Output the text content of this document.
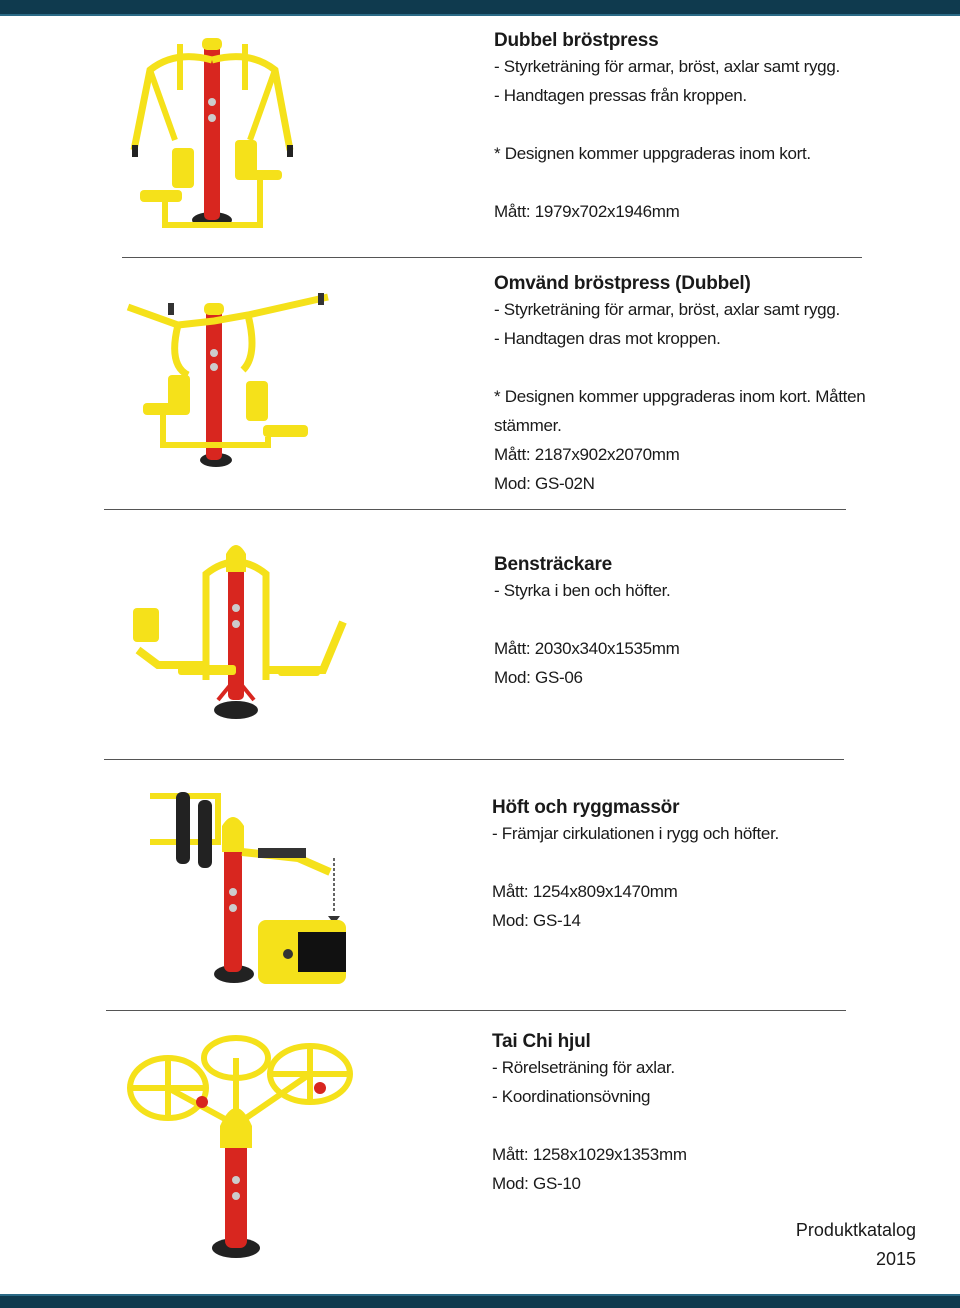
Dubbel bröstpress

- Styrketräning för armar, bröst, axlar samt rygg.

- Handtagen pressas från kroppen.

* Designen kommer uppgraderas inom kort.

Mått: 1979x702x1946mm

Omvänd bröstpress (Dubbel)

- Styrketräning för armar, bröst, axlar samt rygg.

- Handtagen dras mot kroppen.

* Designen kommer uppgraderas inom kort. Måtten stämmer.

Mått: 2187x902x2070mm

Mod: GS-02N

Bensträckare

- Styrka i ben och höfter.

Mått: 2030x340x1535mm

Mod: GS-06

Höft och ryggmassör

- Främjar cirkulationen i rygg och höfter.

Mått: 1254x809x1470mm

Mod: GS-14

Tai Chi hjul

- Rörelseträning för axlar.

- Koordinationsövning

Mått: 1258x1029x1353mm

Mod: GS-10

Produktkatalog
2015
